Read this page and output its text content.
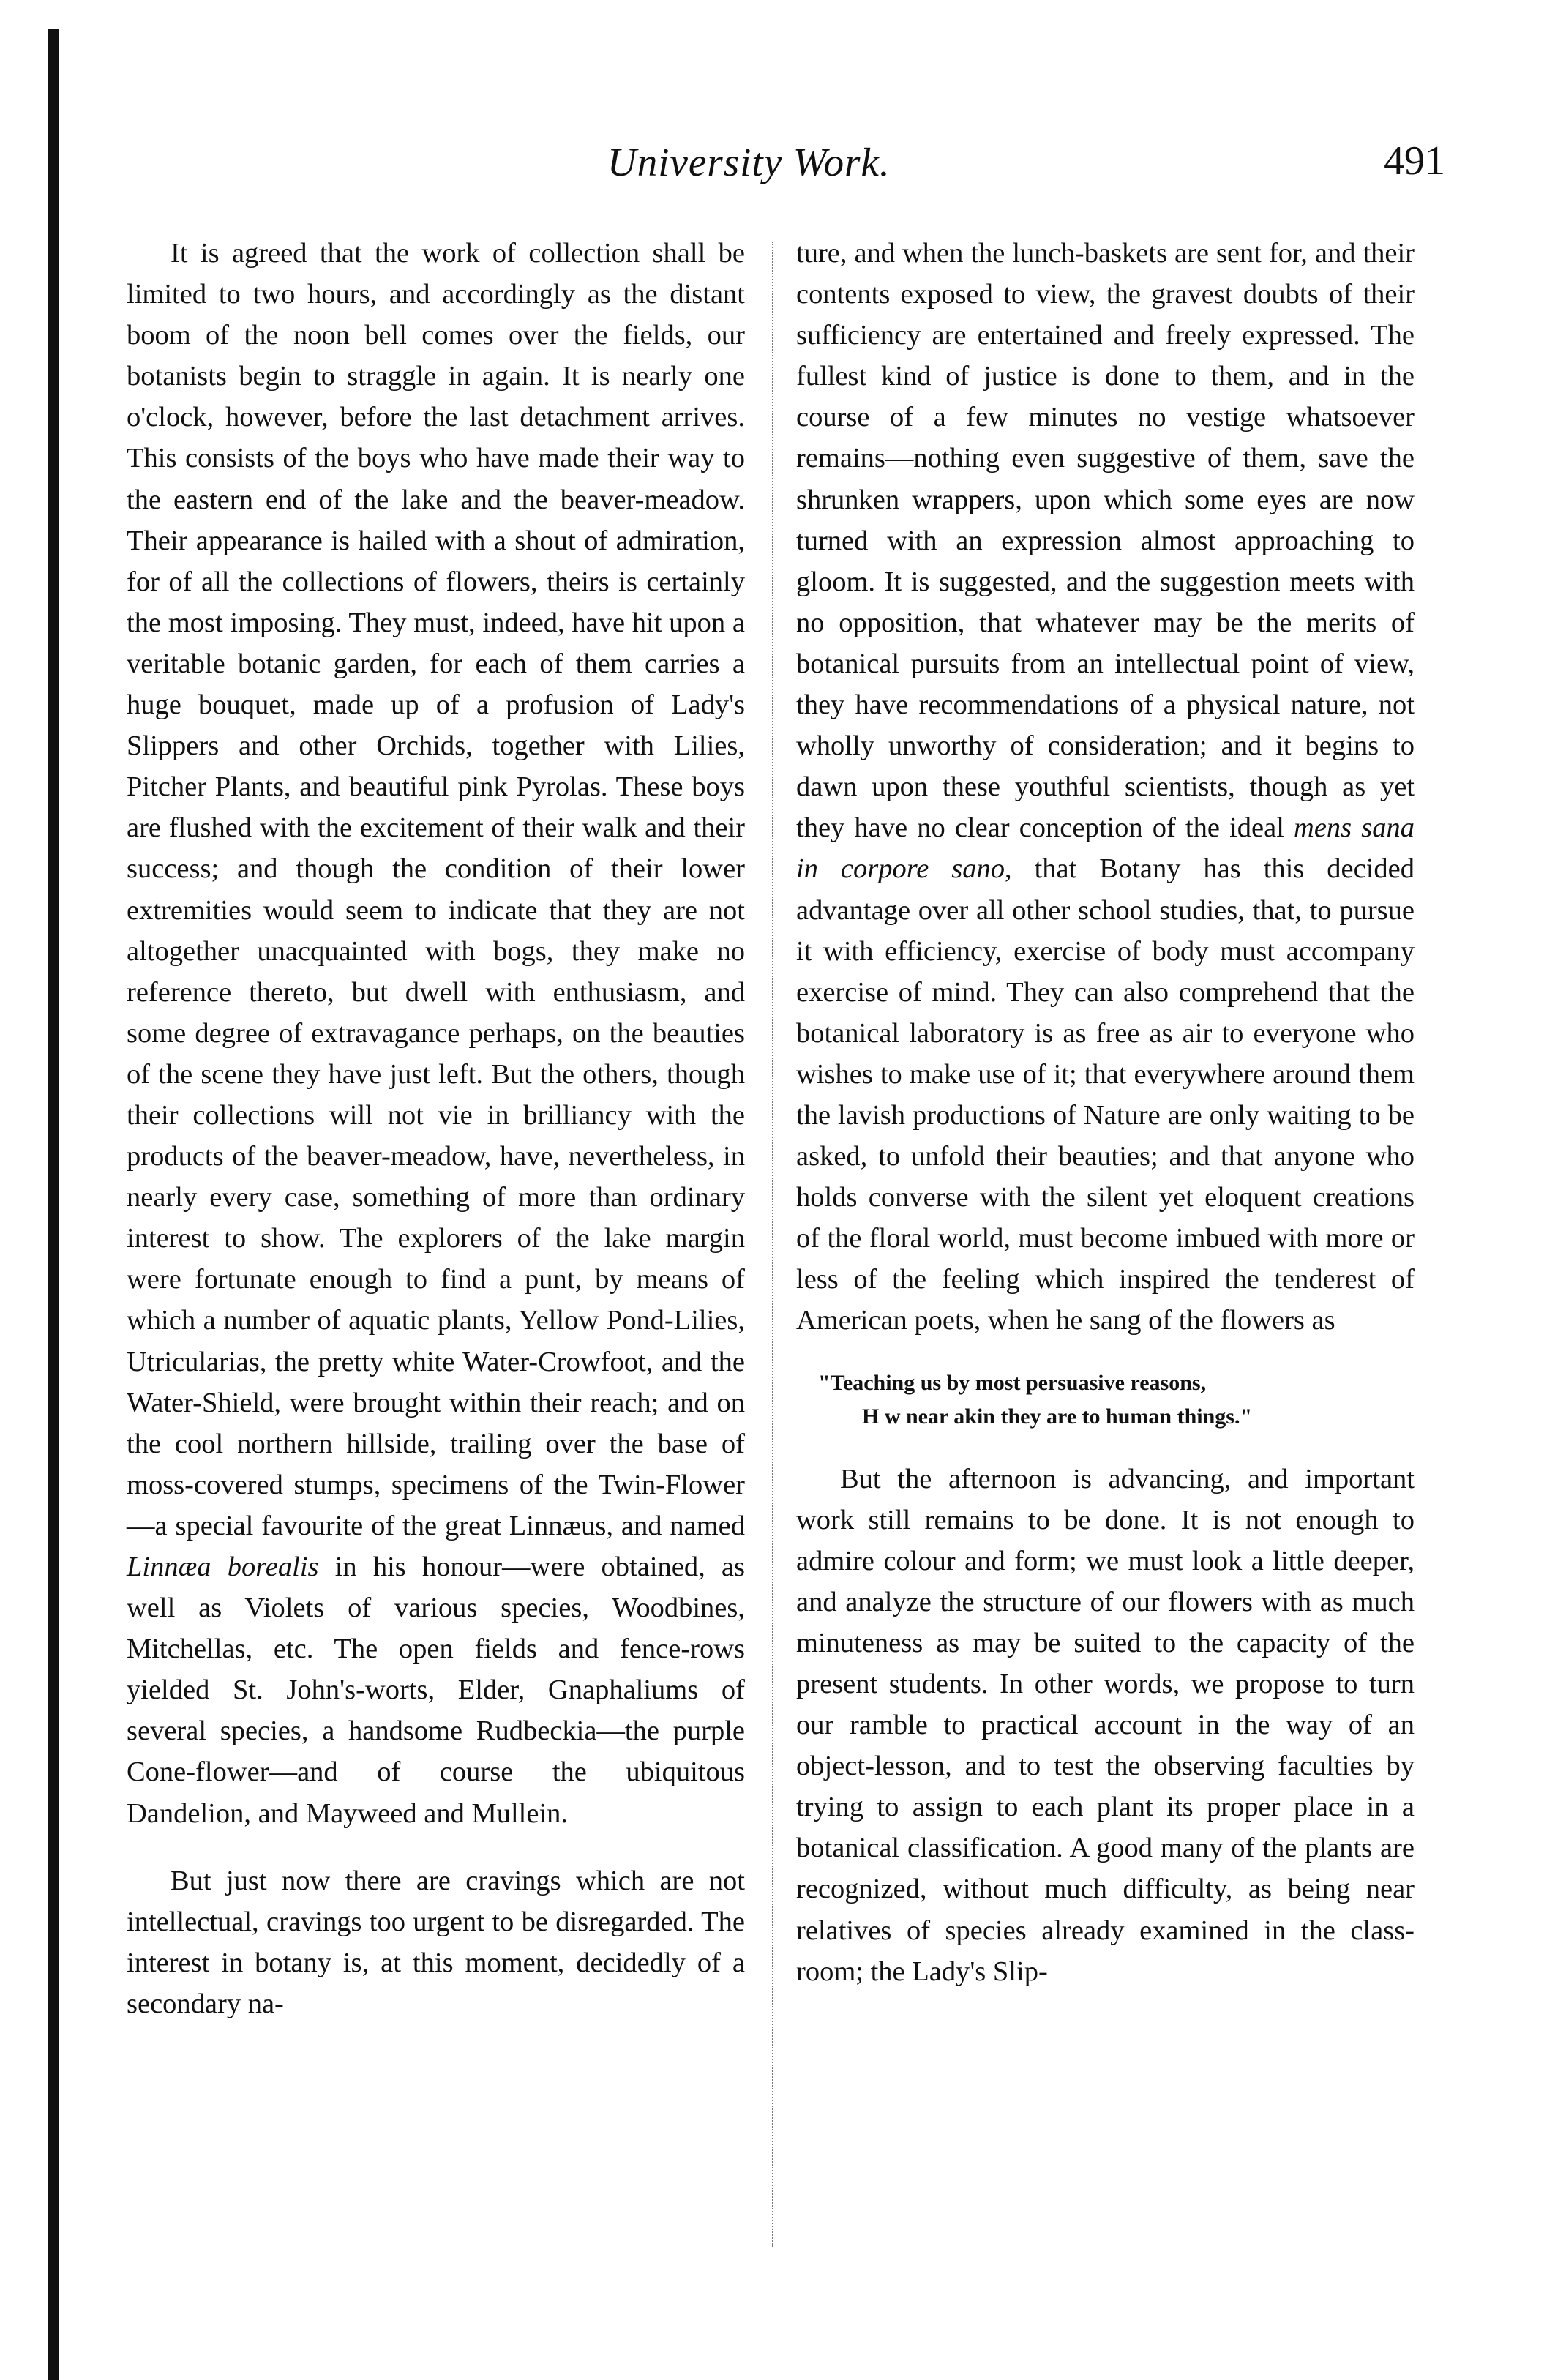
University Work.	491

It is agreed that the work of collection shall be limited to two hours, and accordingly as the distant boom of the noon bell comes over the fields, our botanists begin to straggle in again. It is nearly one o'clock, however, before the last detachment arrives. This consists of the boys who have made their way to the eastern end of the lake and the beaver-meadow. Their appearance is hailed with a shout of admiration, for of all the collections of flowers, theirs is certainly the most imposing. They must, indeed, have hit upon a veritable botanic garden, for each of them carries a huge bouquet, made up of a profusion of Lady's Slippers and other Orchids, together with Lilies, Pitcher Plants, and beautiful pink Pyrolas. These boys are flushed with the excitement of their walk and their success; and though the condition of their lower extremities would seem to indicate that they are not altogether unacquainted with bogs, they make no reference thereto, but dwell with enthusiasm, and some degree of extravagance perhaps, on the beauties of the scene they have just left. But the others, though their collections will not vie in brilliancy with the products of the beaver-meadow, have, nevertheless, in nearly every case, something of more than ordinary interest to show. The explorers of the lake margin were fortunate enough to find a punt, by means of which a number of aquatic plants, Yellow Pond-Lilies, Utricularias, the pretty white Water-Crowfoot, and the Water-Shield, were brought within their reach; and on the cool northern hillside, trailing over the base of moss-covered stumps, specimens of the Twin-Flower—a special favourite of the great Linnæus, and named Linnæa borealis in his honour—were obtained, as well as Violets of various species, Woodbines, Mitchellas, etc. The open fields and fence-rows yielded St. John's-worts, Elder, Gnaphaliums of several species, a handsome Rudbeckia—the purple Cone-flower—and of course the ubiquitous Dandelion, and Mayweed and Mullein.

But just now there are cravings which are not intellectual, cravings too urgent to be disregarded. The interest in botany is, at this moment, decidedly of a secondary na-

ture, and when the lunch-baskets are sent for, and their contents exposed to view, the gravest doubts of their sufficiency are entertained and freely expressed. The fullest kind of justice is done to them, and in the course of a few minutes no vestige whatsoever remains—nothing even suggestive of them, save the shrunken wrappers, upon which some eyes are now turned with an expression almost approaching to gloom. It is suggested, and the suggestion meets with no opposition, that whatever may be the merits of botanical pursuits from an intellectual point of view, they have recommendations of a physical nature, not wholly unworthy of consideration; and it begins to dawn upon these youthful scientists, though as yet they have no clear conception of the ideal mens sana in corpore sano, that Botany has this decided advantage over all other school studies, that, to pursue it with efficiency, exercise of body must accompany exercise of mind. They can also comprehend that the botanical laboratory is as free as air to everyone who wishes to make use of it; that everywhere around them the lavish productions of Nature are only waiting to be asked, to unfold their beauties; and that anyone who holds converse with the silent yet eloquent creations of the floral world, must become imbued with more or less of the feeling which inspired the tenderest of American poets, when he sang of the flowers as

"Teaching us by most persuasive reasons,
H w near akin they are to human things."

But the afternoon is advancing, and important work still remains to be done. It is not enough to admire colour and form; we must look a little deeper, and analyze the structure of our flowers with as much minuteness as may be suited to the capacity of the present students. In other words, we propose to turn our ramble to practical account in the way of an object-lesson, and to test the observing faculties by trying to assign to each plant its proper place in a botanical classification. A good many of the plants are recognized, without much difficulty, as being near relatives of species already examined in the class-room; the Lady's Slip-
